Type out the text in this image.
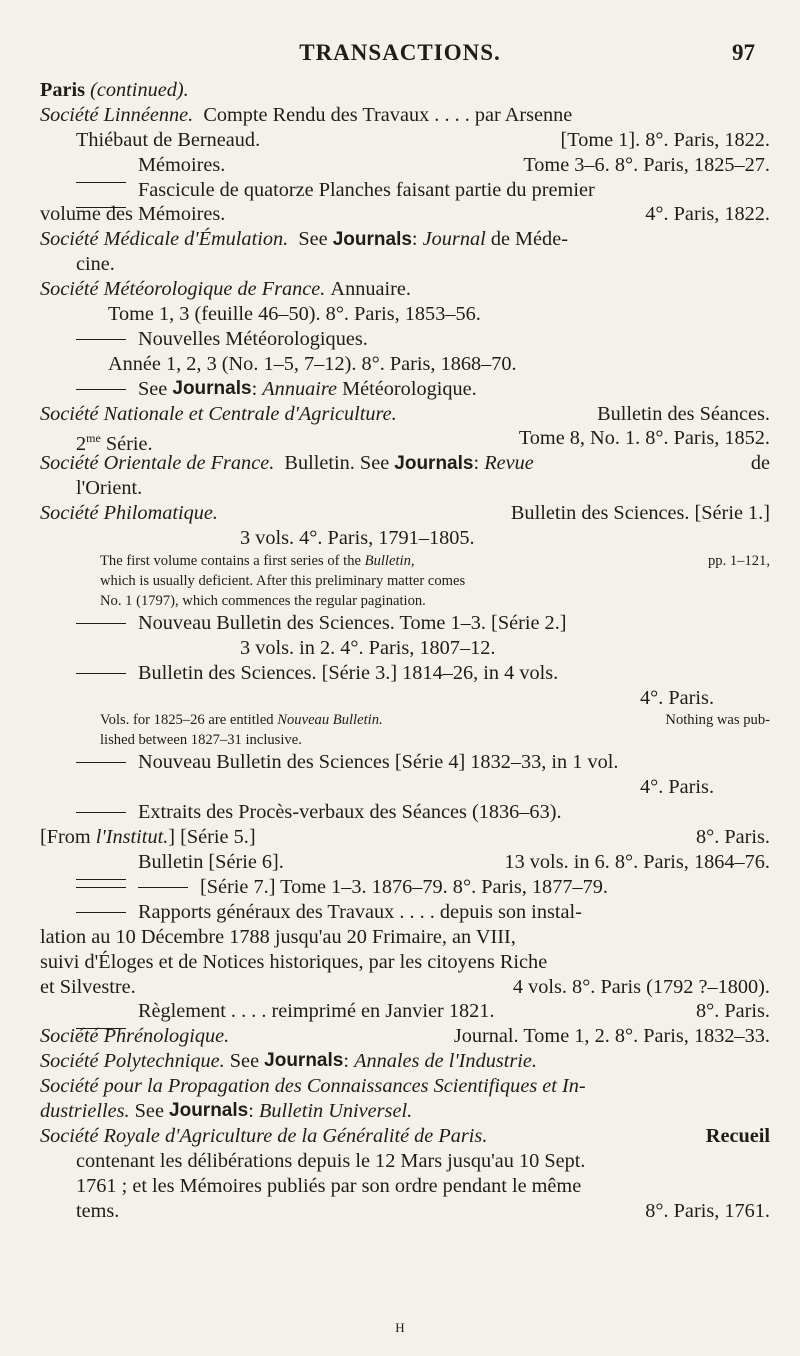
TRANSACTIONS.	97
Paris
(continued).
Société Linnéenne. Compte Rendu des Travaux . . . . par Arsenne
Thiébaut de Berneaud.	[Tome 1]. 8°. Paris, 1822.
Mémoires.	Tome 3–6. 8°. Paris, 1825–27.
Fascicule de quatorze Planches faisant partie du premier
volume des Mémoires.	4°. Paris, 1822.
Société Médicale d'Émulation. See Journals: Journal de Méde-
cine.
Société Météorologique de France.
Annuaire.
Tome 1, 3 (feuille 46–50). 8°. Paris, 1853–56.
Nouvelles Météorologiques.
Année 1, 2, 3 (No. 1–5, 7–12). 8°. Paris, 1868–70.
See
Journals :
Annuaire
Météorologique.
Société Nationale et Centrale d'Agriculture.	Bulletin des Séances.
$2^{me}$ Série.	Tome 8, No. 1. 8°. Paris, 1852.
Société Orientale de France. Bulletin. See Journals: Revue	de
l'Orient.
Société Philomatique.	Bulletin des Sciences. [Série 1.]
3 vols. 4°. Paris, 1791–1805.
The first volume contains a first series of the Bulletin,	pp. 1–121,
which is usually deficient. After this preliminary matter comes
No. 1 (1797), which commences the regular pagination.
Nouveau Bulletin des Sciences. Tome 1–3. [Série 2.]
3 vols. in 2. 4°. Paris, 1807–12.
Bulletin des Sciences. [Série 3.] 1814–26, in 4 vols.
4°. Paris.
Vols. for 1825–26 are entitled Nouveau Bulletin.	Nothing was pub-
lished between 1827–31 inclusive.
Nouveau Bulletin des Sciences [Série 4] 1832–33, in 1 vol.
4°. Paris.
Extraits des Procès-verbaux des Séances (1836–63).
[From l'Institut.] [Série 5.]	8°. Paris.
Bulletin [Série 6].	13 vols. in 6. 8°. Paris, 1864–76.
[Série 7.] Tome 1–3. 1876–79. 8°. Paris, 1877–79.
Rapports généraux des Travaux . . . . depuis son instal-
lation au 10 Décembre 1788 jusqu'au 20 Frimaire, an VIII,
suivi d'Éloges et de Notices historiques, par les citoyens Riche
et Silvestre.	4 vols. 8°. Paris (1792 ?–1800).
Règlement . . . . reimprimé en Janvier 1821.	8°. Paris.
Société Phrénologique.	Journal. Tome 1, 2. 8°. Paris, 1832–33.
Société Polytechnique.
See
Journals :
Annales de l'Industrie.
Société pour la Propagation des Connaissances Scientifiques et In-
dustrielles.
See
Journals :
Bulletin Universel.
Société Royale d'Agriculture de la Généralité de Paris.	Recueil
contenant les délibérations depuis le 12 Mars jusqu'au 10 Sept.
1761 ; et les Mémoires publiés par son ordre pendant le même
tems.	8°. Paris, 1761.
H
